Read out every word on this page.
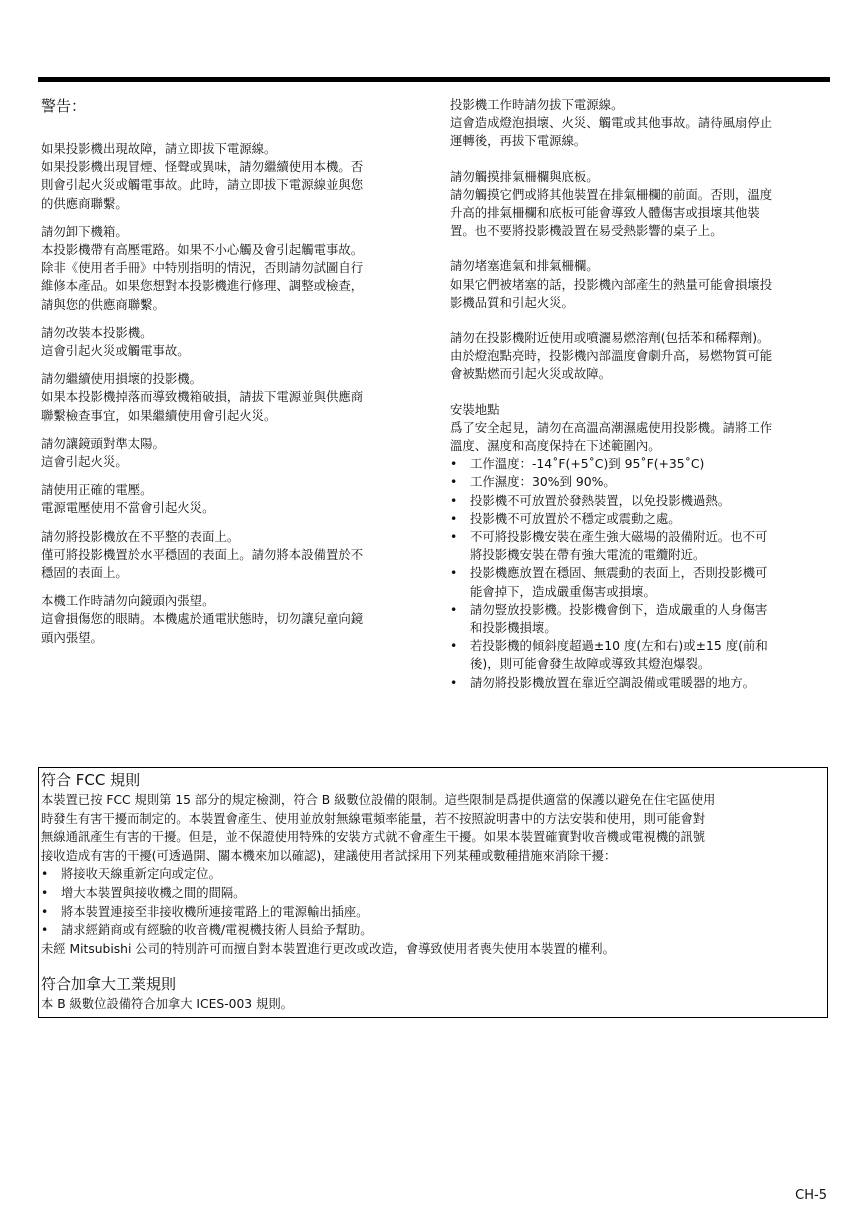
警告：

如果投影機出現故障，請立即拔下電源線。

如果投影機出現冒煙、怪聲或異味，請勿繼續使用本機。否

則會引起火災或觸電事故。此時，請立即拔下電源線並與您

的供應商聯繫。

請勿卸下機箱。

本投影機帶有高壓電路。如果不小心觸及會引起觸電事故。

除非《使用者手冊》中特別指明的情況，否則請勿試圖自行

維修本產品。如果您想對本投影機進行修理、調整或檢查，

請與您的供應商聯繫。

請勿改裝本投影機。

這會引起火災或觸電事故。

請勿繼續使用損壞的投影機。

如果本投影機掉落而導致機箱破損，請拔下電源並與供應商

聯繫檢查事宜，如果繼續使用會引起火災。

請勿讓鏡頭對準太陽。

這會引起火災。

請使用正確的電壓。

電源電壓使用不當會引起火災。

請勿將投影機放在不平整的表面上。

僅可將投影機置於水平穩固的表面上。請勿將本設備置於不

穩固的表面上。

本機工作時請勿向鏡頭內張望。

這會損傷您的眼睛。本機處於通電狀態時，切勿讓兒童向鏡

頭內張望。

投影機工作時請勿拔下電源線。

這會造成燈泡損壞、火災、觸電或其他事故。請待風扇停止

運轉後，再拔下電源線。

請勿觸摸排氣柵欄與底板。

請勿觸摸它們或將其他裝置在排氣柵欄的前面。否則，溫度

升高的排氣柵欄和底板可能會導致人體傷害或損壞其他裝

置。也不要將投影機設置在易受熱影響的桌子上。

請勿堵塞進氣和排氣柵欄。

如果它們被堵塞的話，投影機內部產生的熱量可能會損壞投

影機品質和引起火災。

請勿在投影機附近使用或噴灑易燃溶劑(包括苯和稀釋劑)。

由於燈泡點亮時，投影機內部溫度會劇升高，易燃物質可能

會被點燃而引起火災或故障。

安裝地點

爲了安全起見，請勿在高溫高潮濕處使用投影機。請將工作

溫度、濕度和高度保持在下述範圍內。

• 工作溫度：-14˚F(+5˚C)到 95˚F(+35˚C)
• 工作濕度：30%到 90%。
• 投影機不可放置於發熱裝置，以免投影機過熱。
• 投影機不可放置於不穩定或震動之處。
• 不可將投影機安裝在產生強大磁場的設備附近。也不可
將投影機安裝在帶有強大電流的電纜附近。
• 投影機應放置在穩固、無震動的表面上，否則投影機可
能會掉下，造成嚴重傷害或損壞。
• 請勿豎放投影機。投影機會倒下，造成嚴重的人身傷害
和投影機損壞。
• 若投影機的傾斜度超過±10 度(左和右)或±15 度(前和
後)，則可能會發生故障或導致其燈泡爆裂。
• 請勿將投影機放置在靠近空調設備或電暖器的地方。

符合 FCC 規則

本裝置已按 FCC 規則第 15 部分的規定檢測，符合 B 級數位設備的限制。這些限制是爲提供適當的保護以避免在住宅區使用

時發生有害干擾而制定的。本裝置會產生、使用並放射無線電頻率能量，若不按照說明書中的方法安裝和使用，則可能會對

無線通訊產生有害的干擾。但是，並不保證使用特殊的安裝方式就不會產生干擾。如果本裝置確實對收音機或電視機的訊號

接收造成有害的干擾(可透過開、關本機來加以確認)，建議使用者試採用下列某種或數種措施來消除干擾：

• 將接收天線重新定向或定位。
• 增大本裝置與接收機之間的間隔。
• 將本裝置連接至非接收機所連接電路上的電源輸出插座。
• 請求經銷商或有經驗的收音機/電視機技術人員給予幫助。

未經 Mitsubishi 公司的特別許可而擅自對本裝置進行更改或改造，會導致使用者喪失使用本裝置的權利。

符合加拿大工業規則

本 B 級數位設備符合加拿大 ICES-003 規則。

CH-5
